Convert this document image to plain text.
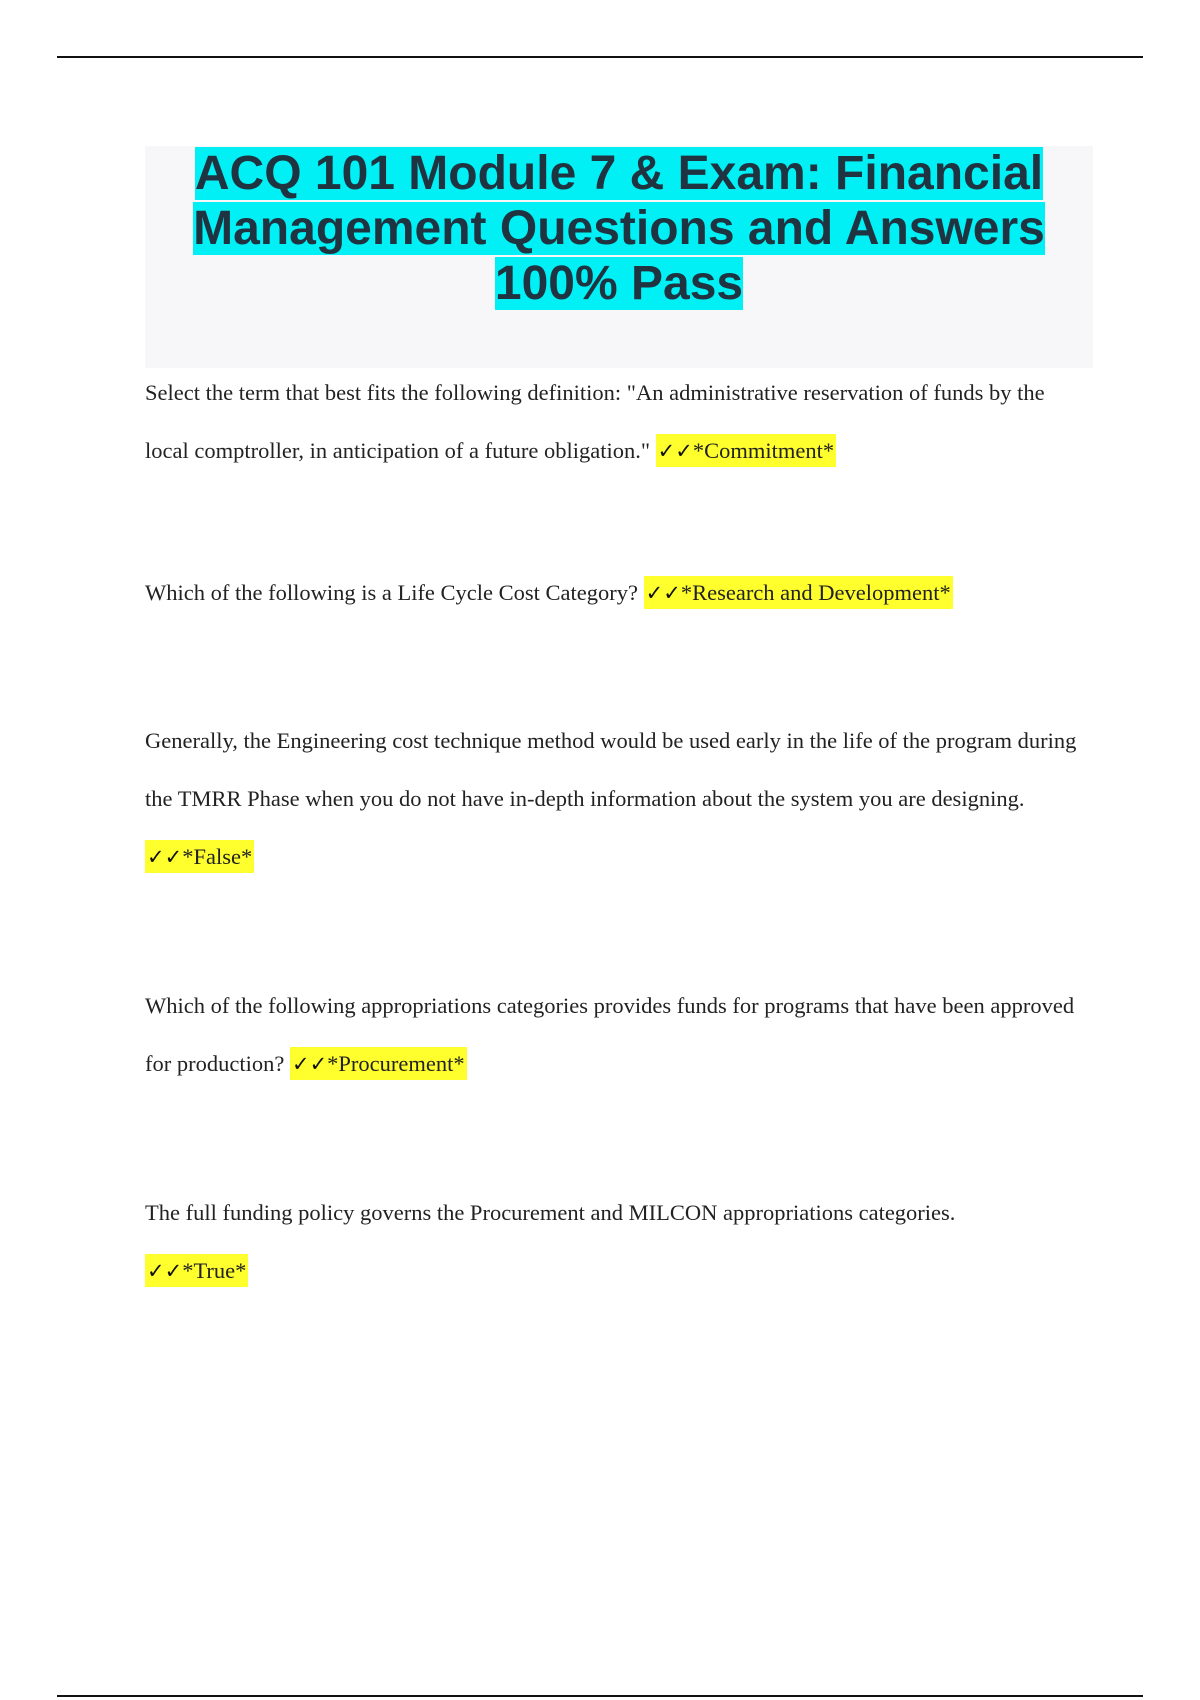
ACQ 101 Module 7 & Exam: Financial Management Questions and Answers 100% Pass

Select the term that best fits the following definition: "An administrative reservation of funds by the local comptroller, in anticipation of a future obligation." ✓✓*Commitment*

Which of the following is a Life Cycle Cost Category? ✓✓*Research and Development*

Generally, the Engineering cost technique method would be used early in the life of the program during the TMRR Phase when you do not have in-depth information about the system you are designing. ✓✓*False*

Which of the following appropriations categories provides funds for programs that have been approved for production? ✓✓*Procurement*

The full funding policy governs the Procurement and MILCON appropriations categories.
✓✓*True*
